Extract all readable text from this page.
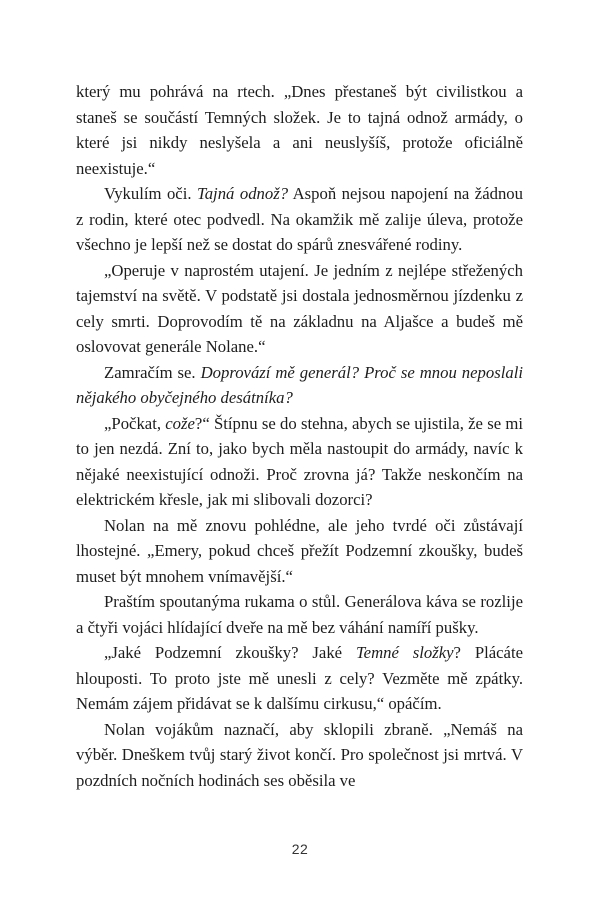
který mu pohrává na rtech. „Dnes přestaneš být civilistkou a staneš se součástí Temných složek. Je to tajná odnož armády, o které jsi nikdy neslyšela a ani neuslyšíš, protože oficiálně neexistuje.“

Vykulím oči. Tajná odnož? Aspoň nejsou napojení na žádnou z rodin, které otec podvedl. Na okamžik mě zalije úleva, protože všechno je lepší než se dostat do spárů znesvářené rodiny.

„Operuje v naprostém utajení. Je jedním z nejlépe střežených tajemství na světě. V podstatě jsi dostala jednosměrnou jízdenku z cely smrti. Doprovodím tě na základnu na Aljašce a budeš mě oslovovat generále Nolane.“

Zamračím se. Doprovází mě generál? Proč se mnou neposlali nějakého obyčejného desátníka?

„Počkat, cože?“ Štípnu se do stehna, abych se ujistila, že se mi to jen nezdá. Zní to, jako bych měla nastoupit do armády, navíc k nějaké neexistující odnoži. Proč zrovna já? Takže neskončím na elektrickém křesle, jak mi slibovali dozorci?

Nolan na mě znovu pohlédne, ale jeho tvrdé oči zůstávají lhostejné. „Emery, pokud chceš přežít Podzemní zkoušky, budeš muset být mnohem vnímavější.“

Praštím spoutanýma rukama o stůl. Generálova káva se rozlije a čtyři vojáci hlídající dveře na mě bez váhání namíří pušky.

„Jaké Podzemní zkoušky? Jaké Temné složky? Plácáte hlouposti. To proto jste mě unesli z cely? Vezměte mě zpátky. Nemám zájem přidávat se k dalšímu cirkusu,“ opáčím.

Nolan vojákům naznačí, aby sklopili zbraně. „Nemáš na výběr. Dneškem tvůj starý život končí. Pro společnost jsi mrtvá. V pozdních nočních hodinách ses oběsila ve

22
